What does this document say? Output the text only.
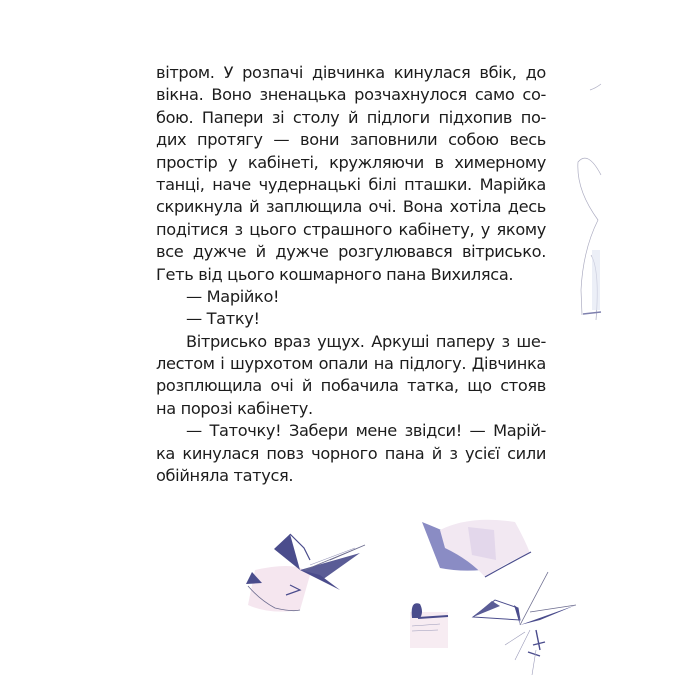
вітром. У розпачі дівчинка кинулася вбік, до
вікна. Воно зненацька розчахнулося само со-
бою. Папери зі столу й підлоги підхопив по-
дих протягу — вони заповнили собою весь
простір у кабінеті, кружляючи в химерному
танці, наче чудернацькі білі пташки. Марійка
скрикнула й заплющила очі. Вона хотіла десь
подітися з цього страшного кабінету, у якому
все дужче й дужче розгулювався вітрисько.
Геть від цього кошмарного пана Вихиляса.
— Марійко!
— Татку!
Вітрисько враз ущух. Аркуші паперу з ше-
лестом і шурхотом опали на підлогу. Дівчинка
розплющила очі й побачила татка, що стояв
на порозі кабінету.
— Таточку! Забери мене звідси! — Марій-
ка кинулася повз чорного пана й з усієї сили
обійняла татуся.
